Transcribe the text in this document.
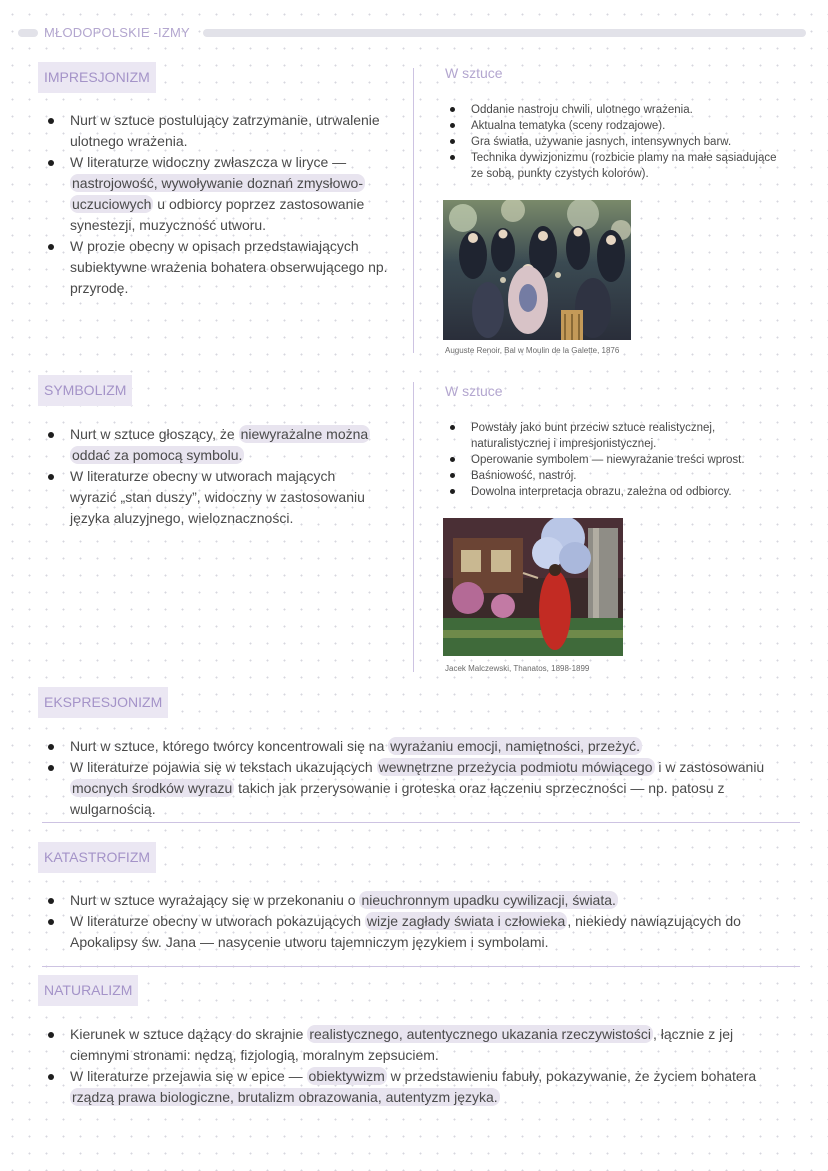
MŁODOPOLSKIE -IZMY
IMPRESJONIZM
Nurt w sztuce postulujący zatrzymanie, utrwalenie ulotnego wrażenia.
W literaturze widoczny zwłaszcza w liryce — nastrojowość, wywoływanie doznań zmysłowo-uczuciowych u odbiorcy poprzez zastosowanie synestezji, muzyczność utworu.
W prozie obecny w opisach przedstawiających subiektywne wrażenia bohatera obserwującego np. przyrodę.
W sztuce
Oddanie nastroju chwili, ulotnego wrażenia.
Aktualna tematyka (sceny rodzajowe).
Gra światła, używanie jasnych, intensywnych barw.
Technika dywizjonizmu (rozbicie plamy na małe sąsiadujące ze sobą, punkty czystych kolorów).
Auguste Renoir, Bal w Moulin de la Galette, 1876
SYMBOLIZM
Nurt w sztuce głoszący, że niewyrażalne można oddać za pomocą symbolu.
W literaturze obecny w utworach mających wyrazić „stan duszy”, widoczny w zastosowaniu języka aluzyjnego, wieloznaczności.
W sztuce
Powstały jako bunt przeciw sztuce realistycznej, naturalistycznej i impresjonistycznej.
Operowanie symbolem — niewyrażanie treści wprost.
Baśniowość, nastrój.
Dowolna interpretacja obrazu, zależna od odbiorcy.
Jacek Malczewski, Thanatos, 1898-1899
EKSPRESJONIZM
Nurt w sztuce, którego twórcy koncentrowali się na wyrażaniu emocji, namiętności, przeżyć.
W literaturze pojawia się w tekstach ukazujących wewnętrzne przeżycia podmiotu mówiącego i w zastosowaniu mocnych środków wyrazu takich jak przerysowanie i groteska oraz łączeniu sprzeczności — np. patosu z wulgarnością.
KATASTROFIZM
Nurt w sztuce wyrażający się w przekonaniu o nieuchronnym upadku cywilizacji, świata.
W literaturze obecny w utworach pokazujących wizje zagłady świata i człowieka , niekiedy nawiązujących do Apokalipsy św. Jana — nasycenie utworu tajemniczym językiem i symbolami.
NATURALIZM
Kierunek w sztuce dążący do skrajnie realistycznego, autentycznego ukazania rzeczywistości , łącznie z jej ciemnymi stronami: nędzą, fizjologią, moralnym zepsuciem.
W literaturze przejawia się w epice — obiektywizm w przedstawieniu fabuły, pokazywanie, że życiem bohatera rządzą prawa biologiczne, brutalizm obrazowania, autentyzm języka.
